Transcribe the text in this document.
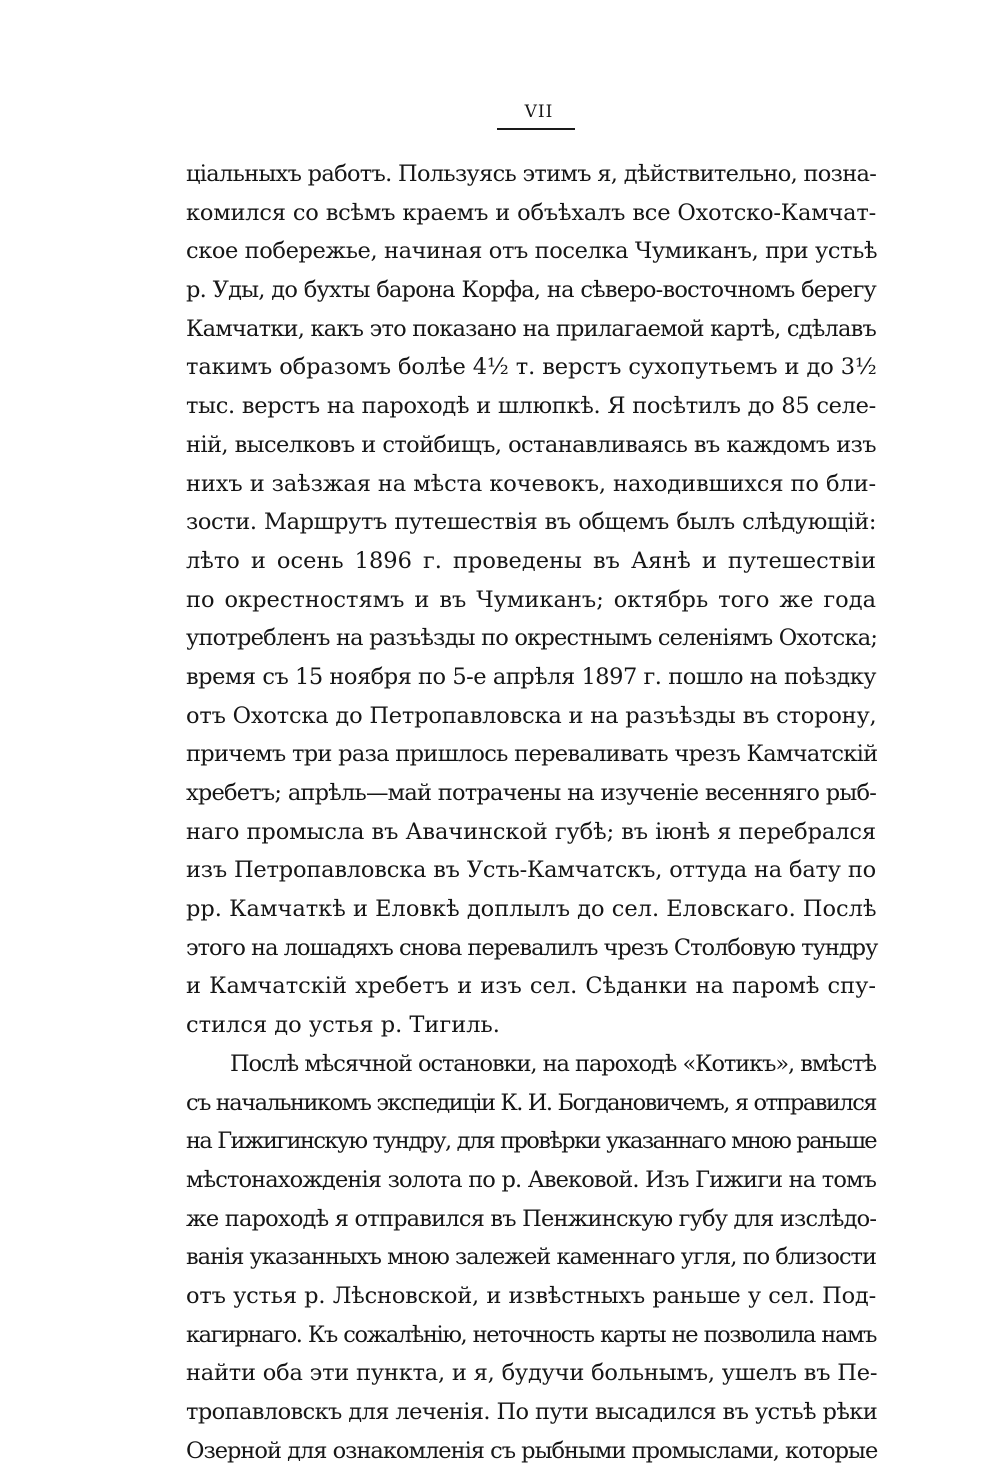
VII
ціальныхъ работъ. Пользуясь этимъ я, дѣйствительно, позна-
комился со всѣмъ краемъ и объѣхалъ все Охотско-Камчат-
ское побережье, начиная отъ поселка Чумиканъ, при устьѣ
р. Уды, до бухты барона Корфа, на сѣверо-восточномъ берегу
Камчатки, какъ это показано на прилагаемой картѣ, сдѣлавъ
такимъ образомъ болѣе 4½ т. верстъ сухопутьемъ и до 3½
тыс. верстъ на пароходѣ и шлюпкѣ. Я посѣтилъ до 85 селе-
ній, выселковъ и стойбищъ, останавливаясь въ каждомъ изъ
нихъ и заѣзжая на мѣста кочевокъ, находившихся по бли-
зости. Маршрутъ путешествія въ общемъ былъ слѣдующій:
лѣто и осень 1896 г. проведены въ Аянѣ и путешествіи
по окрестностямъ и въ Чумиканъ; октябрь того же года
употребленъ на разъѣзды по окрестнымъ селеніямъ Охотска;
время съ 15 ноября по 5-е апрѣля 1897 г. пошло на поѣздку
отъ Охотска до Петропавловска и на разъѣзды въ сторону,
причемъ три раза пришлось переваливать чрезъ Камчатскій
хребетъ; апрѣль—май потрачены на изученіе весенняго рыб-
наго промысла въ Авачинской губѣ; въ іюнѣ я перебрался
изъ Петропавловска въ Усть-Камчатскъ, оттуда на бату по
рр. Камчаткѣ и Еловкѣ доплылъ до сел. Еловскаго. Послѣ
этого на лошадяхъ снова перевалилъ чрезъ Столбовую тундру
и Камчатскій хребетъ и изъ сел. Сѣданки на паромѣ спу-
стился до устья р. Тигиль.
Послѣ мѣсячной остановки, на пароходѣ «Котикъ», вмѣстѣ
съ начальникомъ экспедиціи К. И. Богдановичемъ, я отправился
на Гижигинскую тундру, для провѣрки указаннаго мною раньше
мѣстонахожденія золота по р. Авековой. Изъ Гижиги на томъ
же пароходѣ я отправился въ Пенжинскую губу для изслѣдо-
ванія указанныхъ мною залежей каменнаго угля, по близости
отъ устья р. Лѣсновской, и извѣстныхъ раньше у сел. Под-
кагирнаго. Къ сожалѣнію, неточность карты не позволила намъ
найти оба эти пункта, и я, будучи больнымъ, ушелъ въ Пе-
тропавловскъ для леченія. По пути высадился въ устьѣ рѣки
Озерной для ознакомленія съ рыбными промыслами, которые
